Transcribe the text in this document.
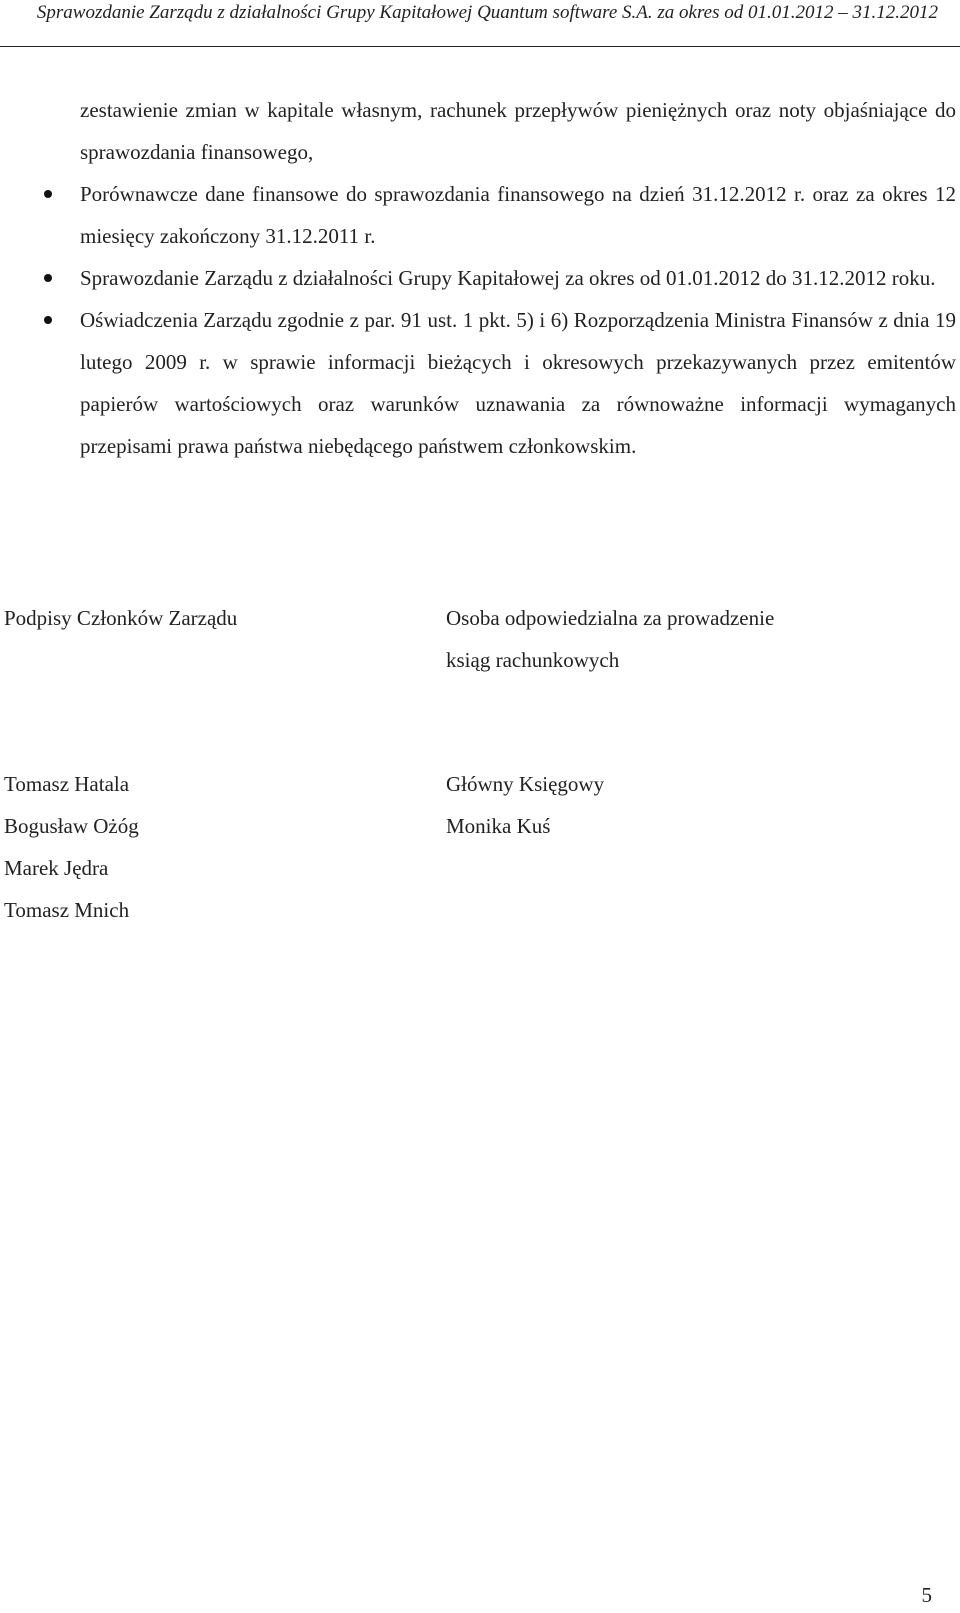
Sprawozdanie Zarządu z działalności Grupy Kapitałowej Quantum software S.A. za okres od 01.01.2012 – 31.12.2012

zestawienie zmian w kapitale własnym, rachunek przepływów pieniężnych oraz noty objaśniające do sprawozdania finansowego,

Porównawcze dane finansowe do sprawozdania finansowego na dzień 31.12.2012 r. oraz za okres 12 miesięcy zakończony 31.12.2011 r.
Sprawozdanie Zarządu z działalności Grupy Kapitałowej za okres od 01.01.2012 do 31.12.2012 roku.
Oświadczenia Zarządu zgodnie z par. 91 ust. 1 pkt. 5) i 6) Rozporządzenia Ministra Finansów z dnia 19 lutego 2009 r. w sprawie informacji bieżących i okresowych przekazywanych przez emitentów papierów wartościowych oraz warunków uznawania za równoważne informacji wymaganych przepisami prawa państwa niebędącego państwem członkowskim.
Podpisy Członków Zarządu	Osoba odpowiedzialna za prowadzenie
ksiąg rachunkowych
Tomasz Hatala
Bogusław Ożóg
Marek Jędra
Tomasz Mnich
Główny Księgowy
Monika Kuś
5
